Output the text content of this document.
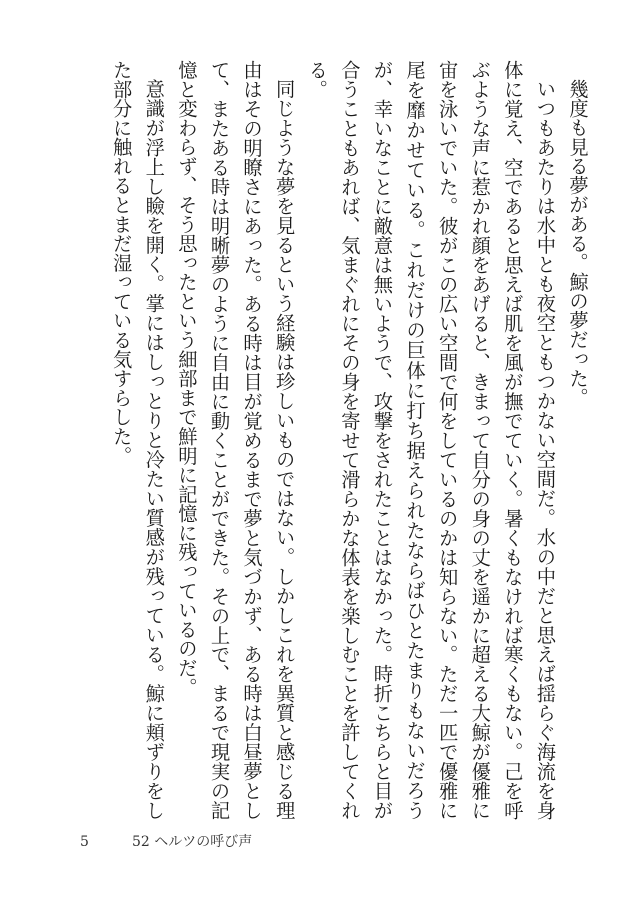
幾度も見る夢がある。鯨の夢だった。

いつもあたりは水中とも夜空ともつかない空間だ。水の中だと思えば揺らぐ海流を身体に覚え、空であると思えば肌を風が撫でていく。暑くもなければ寒くもない。己を呼ぶような声に惹かれ顔をあげると、きまって自分の身の丈を遥かに超える大鯨が優雅に宙を泳いでいた。彼がこの広い空間で何をしているのかは知らない。ただ一匹で優雅に尾を靡かせている。これだけの巨体に打ち据えられたならばひとたまりもないだろうが、幸いなことに敵意は無いようで、攻撃をされたことはなかった。時折こちらと目が合うこともあれば、気まぐれにその身を寄せて滑らかな体表を楽しむことを許してくれる。

同じような夢を見るという経験は珍しいものではない。しかしこれを異質と感じる理由はその明瞭さにあった。ある時は目が覚めるまで夢と気づかず、ある時は白昼夢として、またある時は明晰夢のように自由に動くことができた。その上で、まるで現実の記憶と変わらず、そう思ったという細部まで鮮明に記憶に残っているのだ。

意識が浮上し瞼を開く。掌にはしっとりと冷たい質感が残っている。鯨に頬ずりをした部分に触れるとまだ湿っている気すらした。

5	52 ヘルツの呼び声
